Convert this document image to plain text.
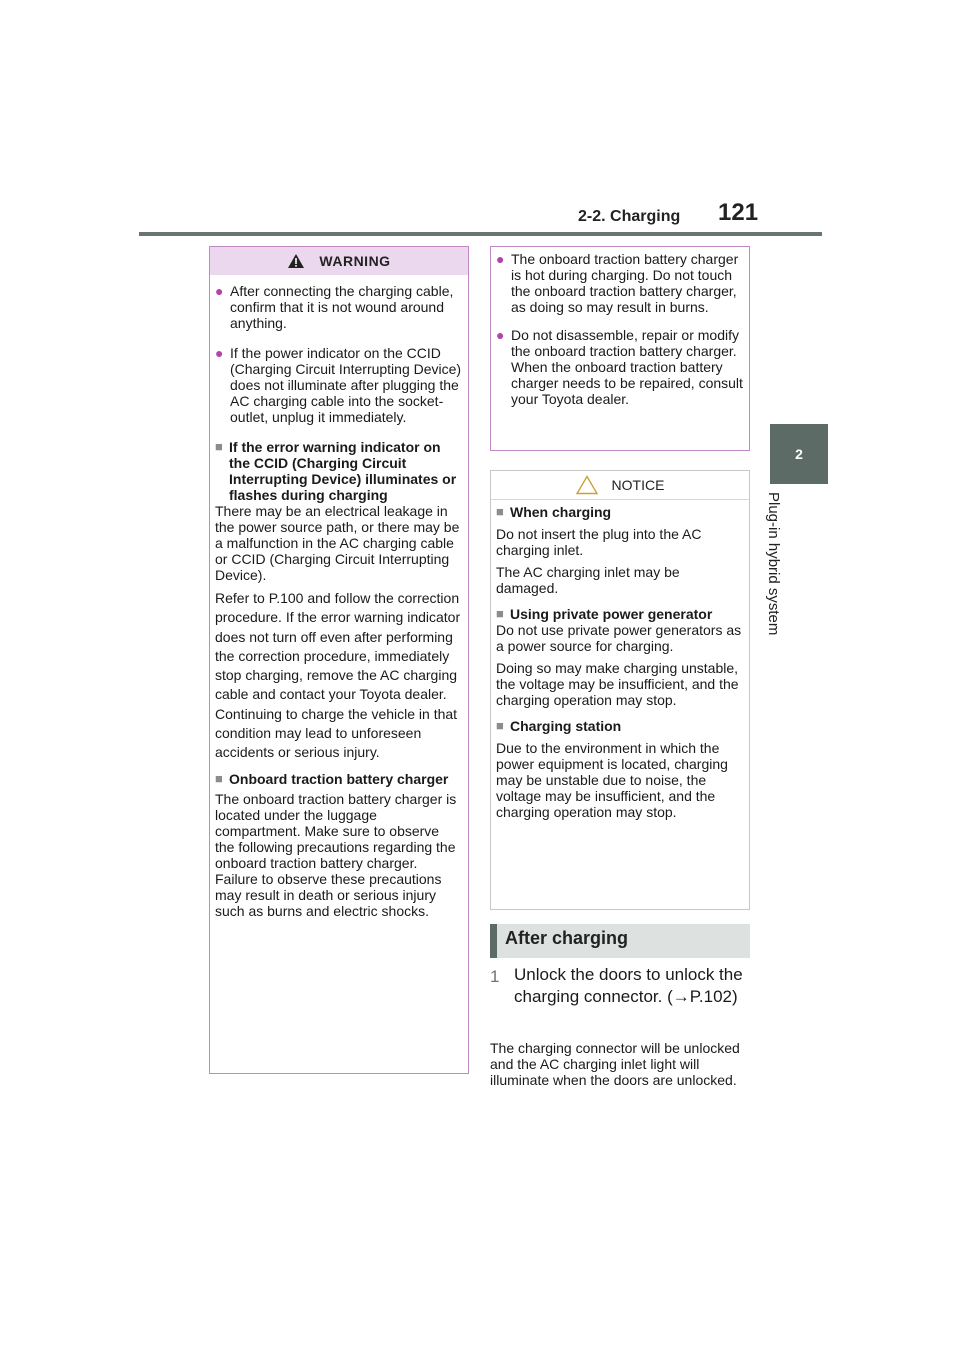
2-2. Charging 121
2
Plug-in hybrid system
WARNING
● After connecting the charging cable, confirm that it is not wound around anything.

● If the power indicator on the CCID (Charging Circuit Interrupting Device) does not illuminate after plugging the AC charging cable into the socket-outlet, unplug it immediately.

■ If the error warning indicator on the CCID (Charging Circuit Interrupting Device) illuminates or flashes during charging

There may be an electrical leakage in the power source path, or there may be a malfunction in the AC charging cable or CCID (Charging Circuit Interrupting Device).

Refer to P.100 and follow the correction procedure. If the error warning indicator does not turn off even after performing the correction procedure, immediately stop charging, remove the AC charging cable and contact your Toyota dealer. Continuing to charge the vehicle in that condition may lead to unforeseen accidents or serious injury.

■ Onboard traction battery charger

The onboard traction battery charger is located under the luggage compartment. Make sure to observe the following precautions regarding the onboard traction battery charger. Failure to observe these precautions may result in death or serious injury such as burns and electric shocks.

● The onboard traction battery charger is hot during charging. Do not touch the onboard traction battery charger, as doing so may result in burns.

● Do not disassemble, repair or modify the onboard traction battery charger. When the onboard traction battery charger needs to be repaired, consult your Toyota dealer.

NOTICE
■ When charging

Do not insert the plug into the AC charging inlet.

The AC charging inlet may be damaged.

■ Using private power generator

Do not use private power generators as a power source for charging.

Doing so may make charging unstable, the voltage may be insufficient, and the charging operation may stop.

■ Charging station

Due to the environment in which the power equipment is located, charging may be unstable due to noise, the voltage may be insufficient, and the charging operation may stop.

After charging
1 Unlock the doors to unlock the charging connector. (→P.102)

The charging connector will be unlocked and the AC charging inlet light will illuminate when the doors are unlocked.
